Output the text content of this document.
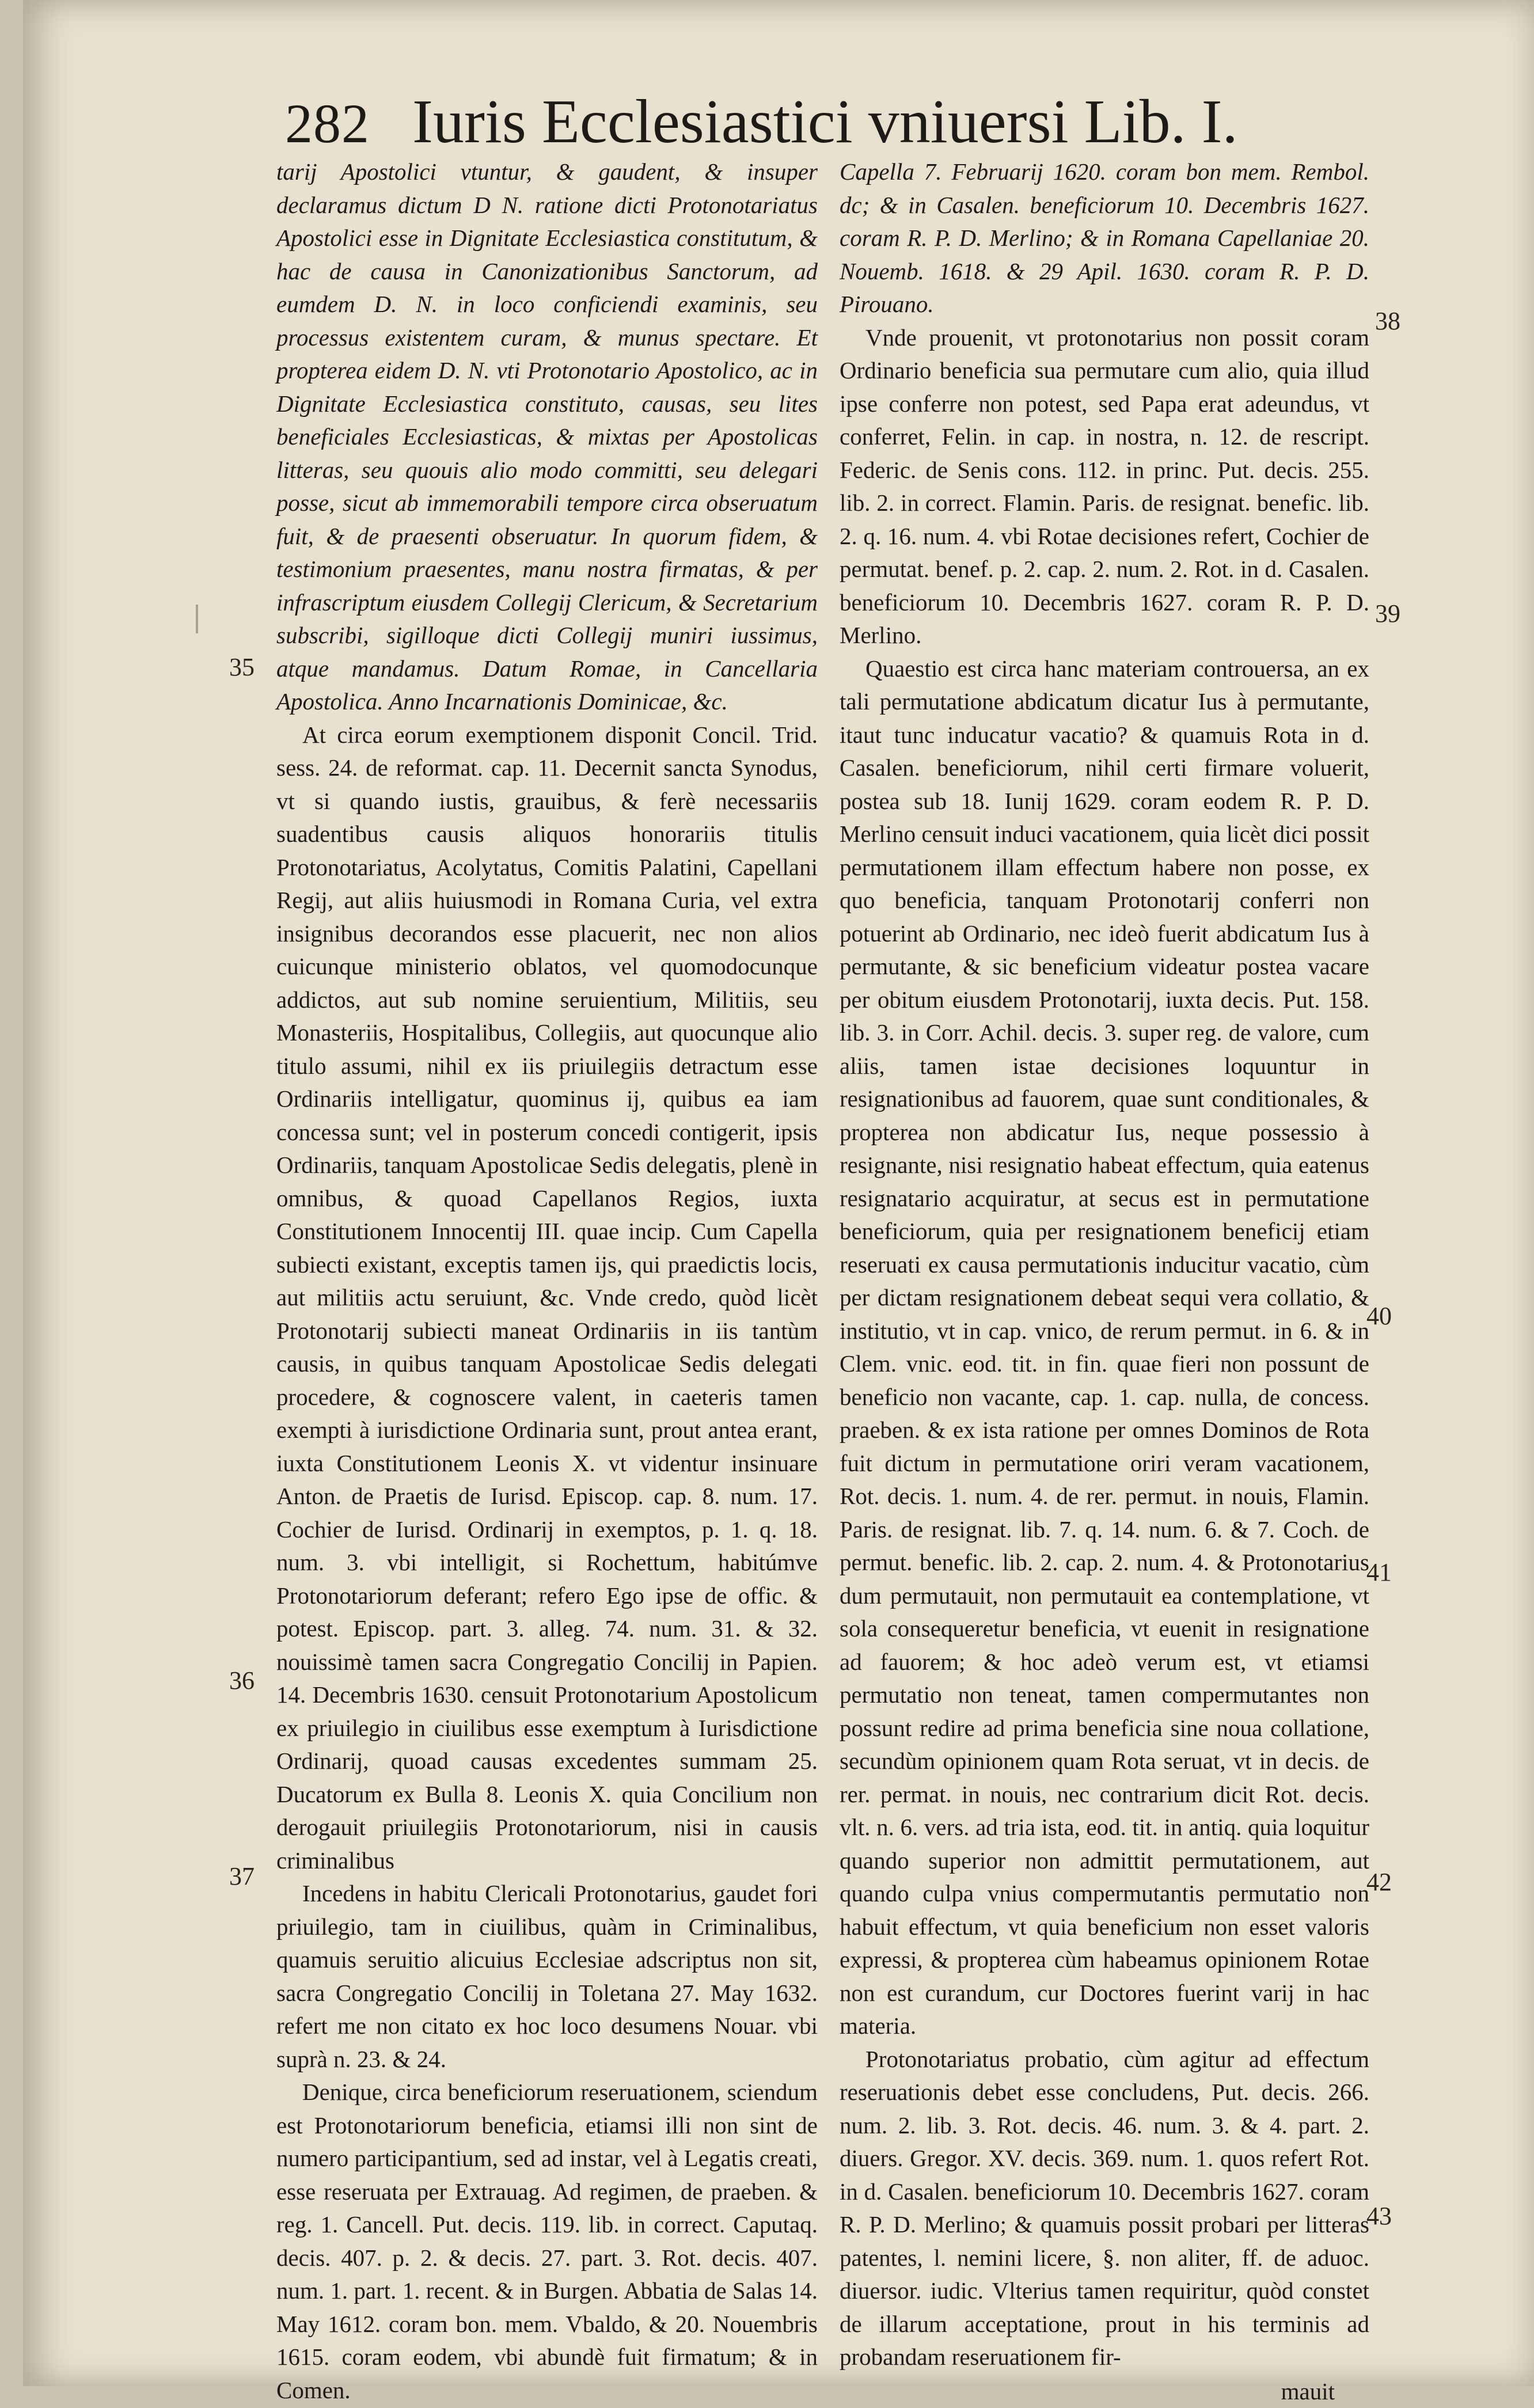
282 Iuris Ecclesiastici vniuersi Lib. I.

tarij Apostolici vtuntur, & gaudent, & insuper declaramus dictum D N. ratione dicti Protonotariatus Apostolici esse in Dignitate Ecclesiastica constitutum, & hac de causa in Canonizationibus Sanctorum, ad eumdem D. N. in loco conficiendi examinis, seu processus existentem curam, & munus spectare. Et propterea eidem D. N. vti Protonotario Apostolico, ac in Dignitate Ecclesiastica constituto, causas, seu lites beneficiales Ecclesiasticas, & mixtas per Apostolicas litteras, seu quouis alio modo committi, seu delegari posse, sicut ab immemorabili tempore circa obseruatum fuit, & de praesenti obseruatur. In quorum fidem, & testimonium praesentes, manu nostra firmatas, & per infrascriptum eiusdem Collegij Clericum, & Secretarium subscribi, sigilloque dicti Collegij muniri iussimus, atque mandamus. Datum Romae, in Cancellaria Apostolica. Anno Incarnationis Dominicae, &c.

At circa eorum exemptionem disponit Concil. Trid. sess. 24. de reformat. cap. 11. Decernit sancta Synodus, vt si quando iustis, grauibus, & ferè necessariis suadentibus causis aliquos honorariis titulis Protonotariatus, Acolytatus, Comitis Palatini, Capellani Regij, aut aliis huiusmodi in Romana Curia, vel extra insignibus decorandos esse placuerit, nec non alios cuicunque ministerio oblatos, vel quomodocunque addictos, aut sub nomine seruientium, Militiis, seu Monasteriis, Hospitalibus, Collegiis, aut quocunque alio titulo assumi, nihil ex iis priuilegiis detractum esse Ordinariis intelligatur, quominus ij, quibus ea iam concessa sunt; vel in posterum concedi contigerit, ipsis Ordinariis, tanquam Apostolicae Sedis delegatis, plenè in omnibus, & quoad Capellanos Regios, iuxta Constitutionem Innocentij III. quae incip. Cum Capella subiecti existant, exceptis tamen ijs, qui praedictis locis, aut militiis actu seruiunt, &c. Vnde credo, quòd licèt Protonotarij subiecti maneat Ordinariis in iis tantùm causis, in quibus tanquam Apostolicae Sedis delegati procedere, & cognoscere valent, in caeteris tamen exempti à iurisdictione Ordinaria sunt, prout antea erant, iuxta Constitutionem Leonis X. vt videntur insinuare Anton. de Praetis de Iurisd. Episcop. cap. 8. num. 17. Cochier de Iurisd. Ordinarij in exemptos, p. 1. q. 18. num. 3. vbi intelligit, si Rochettum, habitúmve Protonotariorum deferant; refero Ego ipse de offic. & potest. Episcop. part. 3. alleg. 74. num. 31. & 32. nouissimè tamen sacra Congregatio Concilij in Papien. 14. Decembris 1630. censuit Protonotarium Apostolicum ex priuilegio in ciuilibus esse exemptum à Iurisdictione Ordinarij, quoad causas excedentes summam 25. Ducatorum ex Bulla 8. Leonis X. quia Concilium non derogauit priuilegiis Protonotariorum, nisi in causis criminalibus

Incedens in habitu Clericali Protonotarius, gaudet fori priuilegio, tam in ciuilibus, quàm in Criminalibus, quamuis seruitio alicuius Ecclesiae adscriptus non sit, sacra Congregatio Concilij in Toletana 27. May 1632. refert me non citato ex hoc loco desumens Nouar. vbi suprà n. 23. & 24.

Denique, circa beneficiorum reseruationem, sciendum est Protonotariorum beneficia, etiamsi illi non sint de numero participantium, sed ad instar, vel à Legatis creati, esse reseruata per Extrauag. Ad regimen, de praeben. & reg. 1. Cancell. Put. decis. 119. lib. in correct. Caputaq. decis. 407. p. 2. & decis. 27. part. 3. Rot. decis. 407. num. 1. part. 1. recent. & in Burgen. Abbatia de Salas 14. May 1612. coram bon. mem. Vbaldo, & 20. Nouembris 1615. coram eodem, vbi abundè fuit firmatum; & in Comen.

35
36
37

Capella 7. Februarij 1620. coram bon mem. Rembol. dc; & in Casalen. beneficiorum 10. Decembris 1627. coram R. P. D. Merlino; & in Romana Capellaniae 20. Nouemb. 1618. & 29 Apil. 1630. coram R. P. D. Pirouano.

Vnde prouenit, vt protonotarius non possit coram Ordinario beneficia sua permutare cum alio, quia illud ipse conferre non potest, sed Papa erat adeundus, vt conferret, Felin. in cap. in nostra, n. 12. de rescript. Federic. de Senis cons. 112. in princ. Put. decis. 255. lib. 2. in correct. Flamin. Paris. de resignat. benefic. lib. 2. q. 16. num. 4. vbi Rotae decisiones refert, Cochier de permutat. benef. p. 2. cap. 2. num. 2. Rot. in d. Casalen. beneficiorum 10. Decembris 1627. coram R. P. D. Merlino.

Quaestio est circa hanc materiam controuersa, an ex tali permutatione abdicatum dicatur Ius à permutante, itaut tunc inducatur vacatio? & quamuis Rota in d. Casalen. beneficiorum, nihil certi firmare voluerit, postea sub 18. Iunij 1629. coram eodem R. P. D. Merlino censuit induci vacationem, quia licèt dici possit permutationem illam effectum habere non posse, ex quo beneficia, tanquam Protonotarij conferri non potuerint ab Ordinario, nec ideò fuerit abdicatum Ius à permutante, & sic beneficium videatur postea vacare per obitum eiusdem Protonotarij, iuxta decis. Put. 158. lib. 3. in Corr. Achil. decis. 3. super reg. de valore, cum aliis, tamen istae decisiones loquuntur in resignationibus ad fauorem, quae sunt conditionales, & propterea non abdicatur Ius, neque possessio à resignante, nisi resignatio habeat effectum, quia eatenus resignatario acquiratur, at secus est in permutatione beneficiorum, quia per resignationem beneficij etiam reseruati ex causa permutationis inducitur vacatio, cùm per dictam resignationem debeat sequi vera collatio, & institutio, vt in cap. vnico, de rerum permut. in 6. & in Clem. vnic. eod. tit. in fin. quae fieri non possunt de beneficio non vacante, cap. 1. cap. nulla, de concess. praeben. & ex ista ratione per omnes Dominos de Rota fuit dictum in permutatione oriri veram vacationem, Rot. decis. 1. num. 4. de rer. permut. in nouis, Flamin. Paris. de resignat. lib. 7. q. 14. num. 6. & 7. Coch. de permut. benefic. lib. 2. cap. 2. num. 4. & Protonotarius dum permutauit, non permutauit ea contemplatione, vt sola consequeretur beneficia, vt euenit in resignatione ad fauorem; & hoc adeò verum est, vt etiamsi permutatio non teneat, tamen compermutantes non possunt redire ad prima beneficia sine noua collatione, secundùm opinionem quam Rota seruat, vt in decis. de rer. permat. in nouis, nec contrarium dicit Rot. decis. vlt. n. 6. vers. ad tria ista, eod. tit. in antiq. quia loquitur quando superior non admittit permutationem, aut quando culpa vnius compermutantis permutatio non habuit effectum, vt quia beneficium non esset valoris expressi, & propterea cùm habeamus opinionem Rotae non est curandum, cur Doctores fuerint varij in hac materia.

Protonotariatus probatio, cùm agitur ad effectum reseruationis debet esse concludens, Put. decis. 266. num. 2. lib. 3. Rot. decis. 46. num. 3. & 4. part. 2. diuers. Gregor. XV. decis. 369. num. 1. quos refert Rot. in d. Casalen. beneficiorum 10. Decembris 1627. coram R. P. D. Merlino; & quamuis possit probari per litteras patentes, l. nemini licere, §. non aliter, ff. de aduoc. diuersor. iudic. Vlterius tamen requiritur, quòd constet de illarum acceptatione, prout in his terminis ad probandam reseruationem fir-

mauit

38
39
40
41
42
43
